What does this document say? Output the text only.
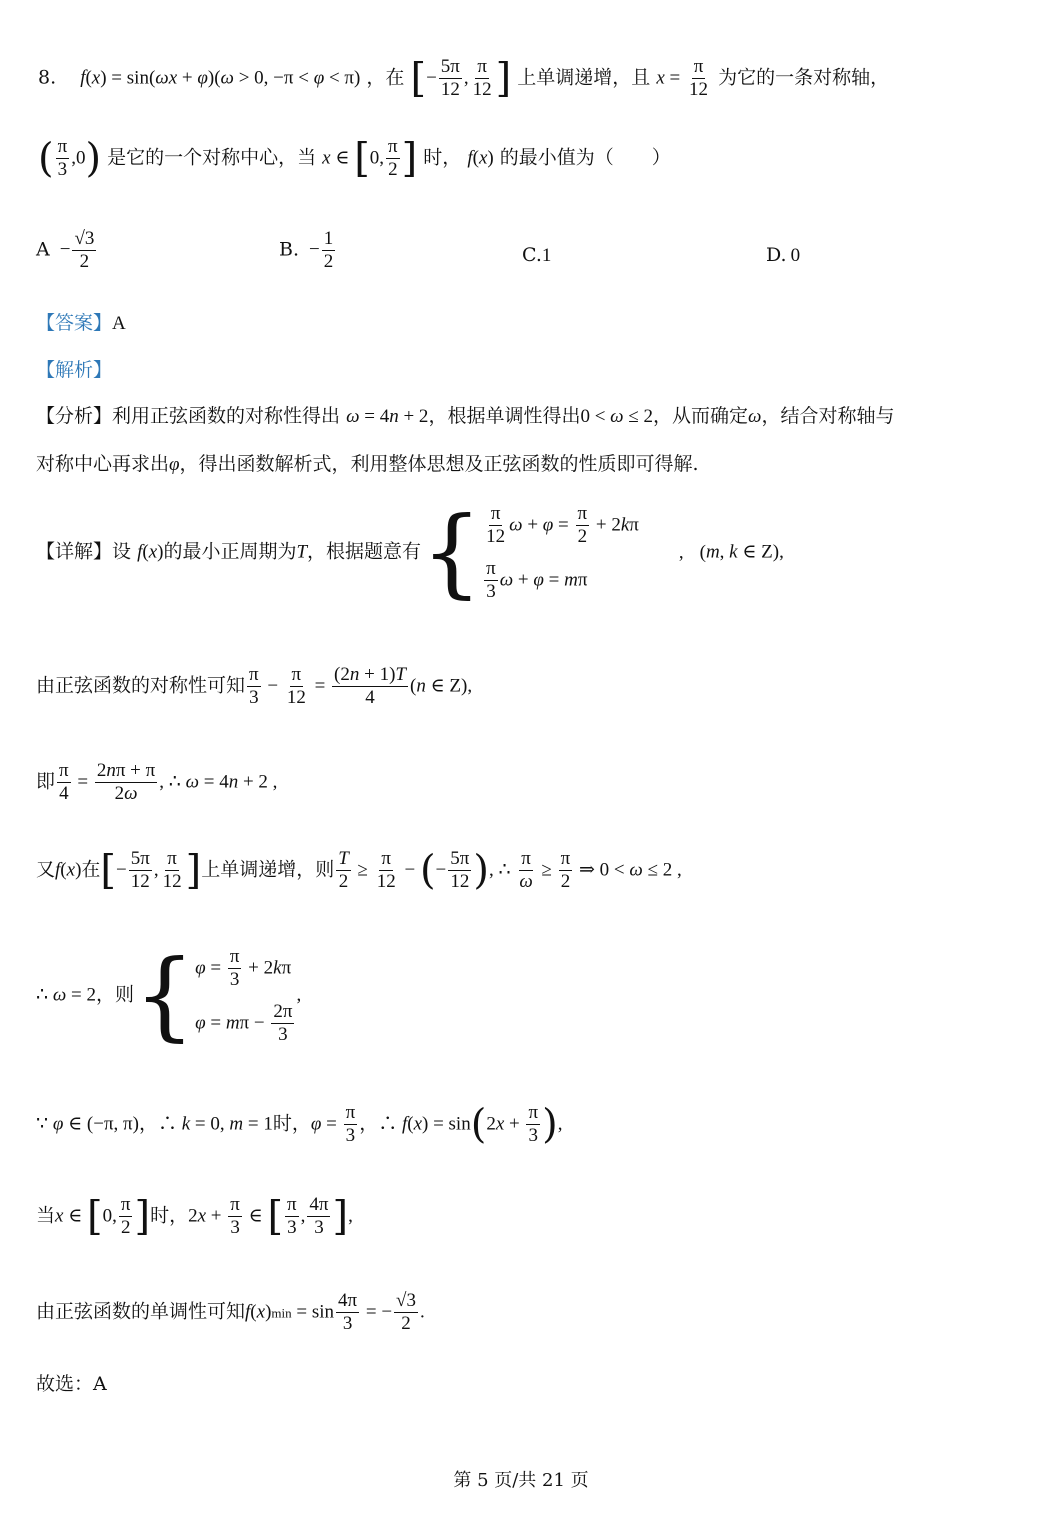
8. f(x) = sin(ωx + φ)(ω > 0, −π < φ < π) ，在 [− $\frac{5\pi}{12}$ , $\frac{\pi}{12}$ ] 上单调递增，且 $x = \frac{\pi}{12}$ 为它的一条对称轴，
( $\frac{\pi}{3} ,0$) 是它的一个对称中心，当 x ∈ [0, $\frac{\pi}{2}$ ] 时， f(x) 的最小值为（　　）
$A - \frac{√3}{2}$	B. − $\frac{1}{2}$	C.1	D. 0
【答案】A
【解析】
【分析】利用正弦函数的对称性得出 ω = 4n + 2，根据单调性得出0 < ω ≤ 2，从而确定ω，结合对称轴与
对称中心再求出φ，得出函数解析式，利用整体思想及正弦函数的性质即可得解.
【详解】设 f(x)的最小正周期为T，根据题意有{ $\frac{\pi}{12}$ $\omega + \varphi = \frac{\pi}{2} + 2k\pi$
$\frac{\pi}{3}$ ω + φ = mπ
, (m, k ∈ Z),
由正弦函数的对称性可知 $\frac{\pi}{3} - \frac{\pi}{12} = \frac{(2n + 1)T}{4} (n$ ∈ Z),
即 $\frac{\pi}{4} = \frac{2n\pi + \pi}{2\omega}$ , ∴ ω = 4n + 2 ,
又f(x)在[− $\frac{5\pi}{12}$ , $\frac{\pi}{12}$ ]上单调递增，则 $\frac{T}{2} \ge \frac{\pi}{12}$ − (− $\frac{5\pi}{12}$ ), ∴ $\frac{\pi}{\omega} \ge \frac{\pi}{2}$ ⇒ 0 < ω ≤ 2 ,
∴ ω = 2，则{ $\varphi = \frac{\pi}{3} + 2k\pi$
$\varphi = m\pi - \frac{2\pi}{3}$
,
∵ φ ∈ (−π, π)，∴ k = 0, m = 1时，$\varphi = \frac{\pi}{3}$ ，∴ $f(x) = \sin(2x + \frac{\pi}{3}$ ),
当x ∈ [0, $\frac{\pi}{2}$ ]时，$2x + \frac{\pi}{3}$ ∈ [ $\frac{\pi}{3}$ , $\frac{4\pi}{3}$ ],
由正弦函数的单调性可知$f(x)\min = \sin \frac{4\pi}{3}$ = − $\frac{√3}{2}$ .
故选：A
第 5 页/共 21 页
